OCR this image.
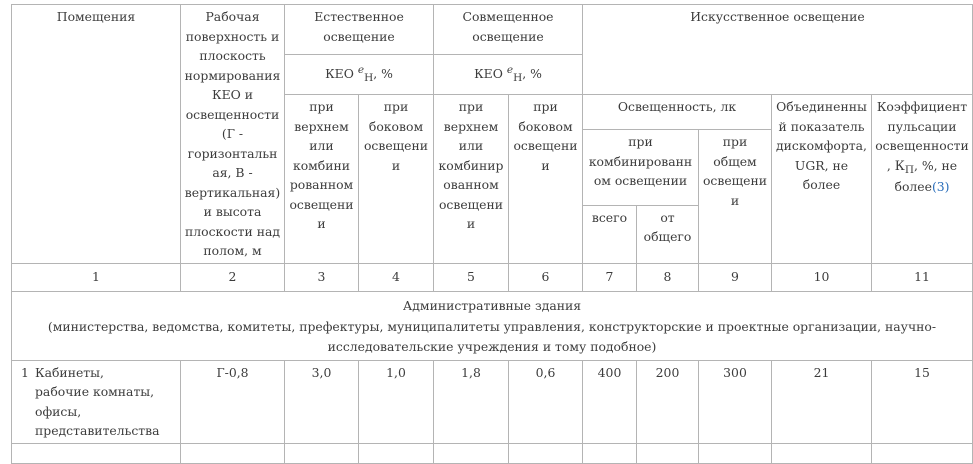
Помещения	Рабочая поверхность и плоскость нормирования КЕО и освещенности (Г - горизонтальная, В - вертикальная) и высота плоскости над полом, м	Естественное освещение		Совмещенное освещение		Искусственное освещение				
		КЕО $^e_Н$, %		КЕО $^e_Н$, %						
		при верхнем или комбини рованном освещении	при боковом освещении	при верхнем или комбинир ованном освещении	при боковом освещении	Освещенность, лк			Объединенный показатель дискомфорта, UGR, не более	Коэффициент пульсации освещенности, $К_П$, %, не более(3)
						при комбинированном освещении		при общем освещении		
						всего	от общего			
1	2	3	4	5	6	7	8	9	10	11

Административные здания
(министерства, ведомства, комитеты, префектуры, муниципалитеты управления, конструкторские и проектные организации, научно-исследовательские учреждения и тому подобное)										

1 Кабинеты, рабочие комнаты, офисы, представительства	Г-0,8	3,0	1,0	1,8	0,6	400	200	300	21	15
